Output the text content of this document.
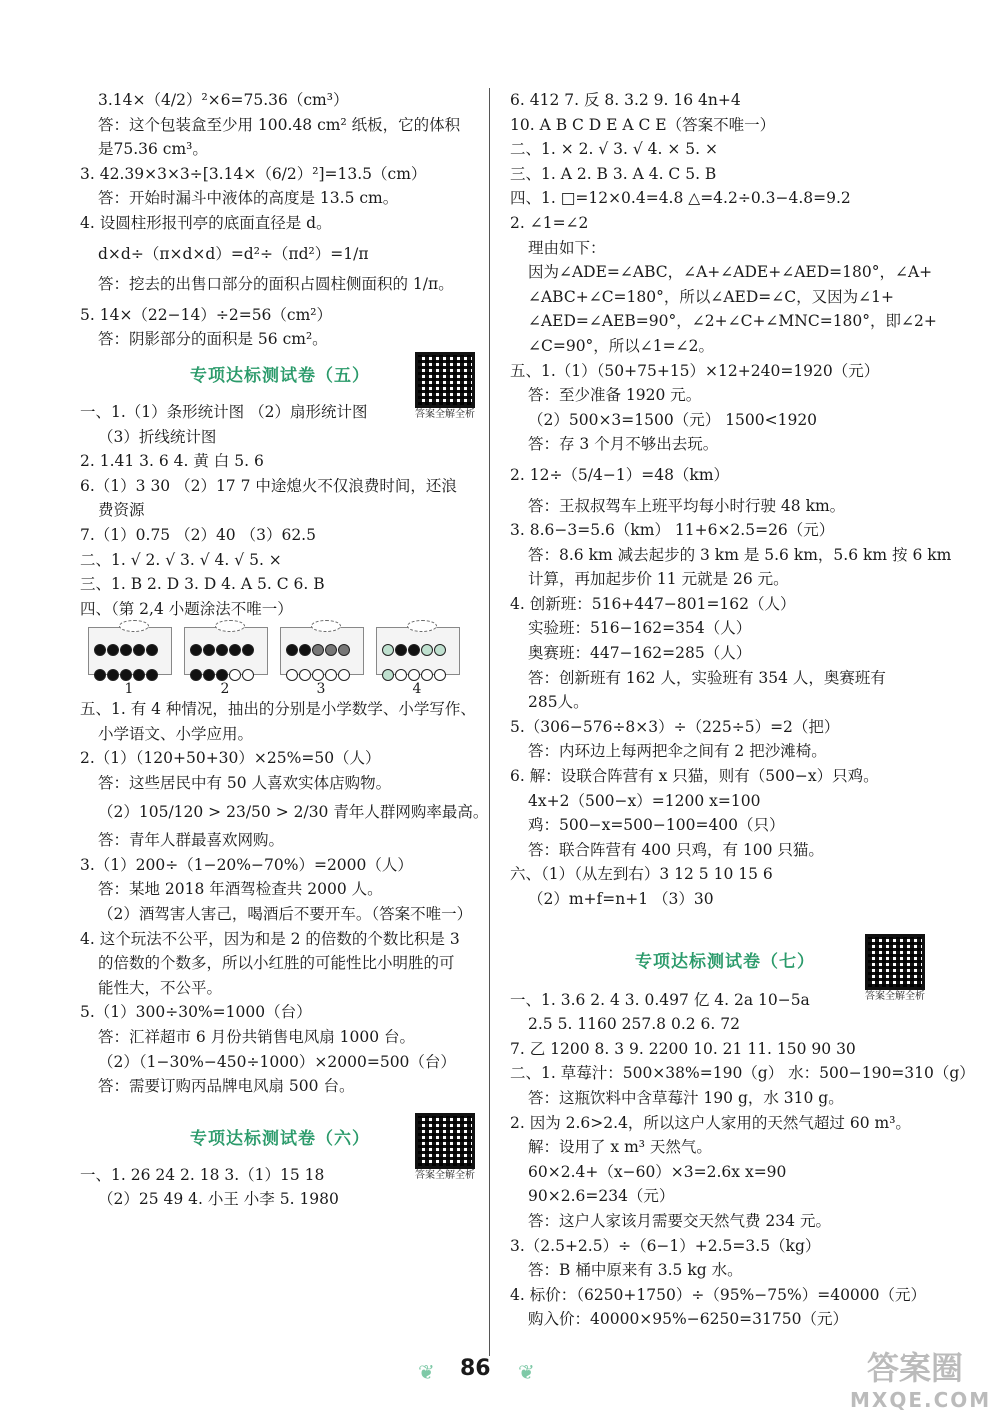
3.14×（4/2）²×6=75.36（cm³）
答：这个包装盒至少用 100.48 cm² 纸板，它的体积
是75.36 cm³。
3. 42.39×3×3÷[3.14×（6/2）²]=13.5（cm）
答：开始时漏斗中液体的高度是 13.5 cm。
4. 设圆柱形报刊亭的底面直径是 d。
d×d÷（π×d×d）=d²÷（πd²）=1/π
答：挖去的出售口部分的面积占圆柱侧面积的 1/π。
5. 14×（22−14）÷2=56（cm²）
答：阴影部分的面积是 56 cm²。
专项达标测试卷（五）
答案全解全析
一、1.（1）条形统计图 （2）扇形统计图
（3）折线统计图
2. 1.41 3. 6 4. 黄 白 5. 6
6.（1）3 30 （2）17 7 中途熄火不仅浪费时间，还浪
费资源
7.（1）0.75 （2）40 （3）62.5
二、1. √ 2. √ 3. √ 4. √ 5. ×
三、1. B 2. D 3. D 4. A 5. C 6. B
四、（第 2,4 小题涂法不唯一）

1
	2
	3
	4
五、1. 有 4 种情况，抽出的分别是小学数学、小学写作、
小学语文、小学应用。
2.（1）（120+50+30）×25%=50（人）
答：这些居民中有 50 人喜欢实体店购物。
（2）105/120 > 23/50 > 2/30 青年人群网购率最高。
答：青年人群最喜欢网购。
3.（1）200÷（1−20%−70%）=2000（人）
答：某地 2018 年酒驾检查共 2000 人。
（2）酒驾害人害己，喝酒后不要开车。（答案不唯一）
4. 这个玩法不公平，因为和是 2 的倍数的个数比积是 3
的倍数的个数多，所以小红胜的可能性比小明胜的可
能性大，不公平。
5.（1）300÷30%=1000（台）
答：汇祥超市 6 月份共销售电风扇 1000 台。
（2）（1−30%−450÷1000）×2000=500（台）
答：需要订购丙品牌电风扇 500 台。
专项达标测试卷（六）
答案全解全析
一、1. 26 24 2. 18 3.（1）15 18
（2）25 49 4. 小王 小李 5. 1980
6. 412 7. 反 8. 3.2 9. 16 4n+4
10. A B C D E A C E（答案不唯一）
二、1. × 2. √ 3. √ 4. × 5. ×
三、1. A 2. B 3. A 4. C 5. B
四、1. □=12×0.4=4.8 △=4.2÷0.3−4.8=9.2
2. ∠1=∠2
理由如下：
因为∠ADE=∠ABC，∠A+∠ADE+∠AED=180°，∠A+
∠ABC+∠C=180°，所以∠AED=∠C，又因为∠1+
∠AED=∠AEB=90°，∠2+∠C+∠MNC=180°，即∠2+
∠C=90°，所以∠1=∠2。
五、1.（1）（50+75+15）×12+240=1920（元）
答：至少准备 1920 元。
（2）500×3=1500（元） 1500<1920
答：存 3 个月不够出去玩。
2. 12÷（5/4−1）=48（km）
答：王叔叔驾车上班平均每小时行驶 48 km。
3. 8.6−3=5.6（km） 11+6×2.5=26（元）
答：8.6 km 减去起步的 3 km 是 5.6 km，5.6 km 按 6 km
计算，再加起步价 11 元就是 26 元。
4. 创新班：516+447−801=162（人）
实验班：516−162=354（人）
奥赛班：447−162=285（人）
答：创新班有 162 人，实验班有 354 人，奥赛班有
285人。
5.（306−576÷8×3）÷（225÷5）=2（把）
答：内环边上每两把伞之间有 2 把沙滩椅。
6. 解：设联合阵营有 x 只猫，则有（500−x）只鸡。
4x+2（500−x）=1200 x=100
鸡：500−x=500−100=400（只）
答：联合阵营有 400 只鸡，有 100 只猫。
六、（1）（从左到右）3 12 5 10 15 6
（2）m+f=n+1 （3）30
专项达标测试卷（七）
答案全解全析
一、1. 3.6 2. 4 3. 0.497 亿 4. 2a 10−5a
2.5 5. 1160 257.8 0.2 6. 72
7. 乙 1200 8. 3 9. 2200 10. 21 11. 150 90 30
二、1. 草莓汁：500×38%=190（g） 水：500−190=310（g）
答：这瓶饮料中含草莓汁 190 g，水 310 g。
2. 因为 2.6>2.4，所以这户人家用的天然气超过 60 m³。
解：设用了 x m³ 天然气。
60×2.4+（x−60）×3=2.6x x=90
90×2.6=234（元）
答：这户人家该月需要交天然气费 234 元。
3.（2.5+2.5）÷（6−1）+2.5=3.5（kg）
答：B 桶中原来有 3.5 kg 水。
4. 标价：（6250+1750）÷（95%−75%）=40000（元）
购入价：40000×95%−6250=31750（元）
❦ 86 ❦	答案圈
MXQE.COM
